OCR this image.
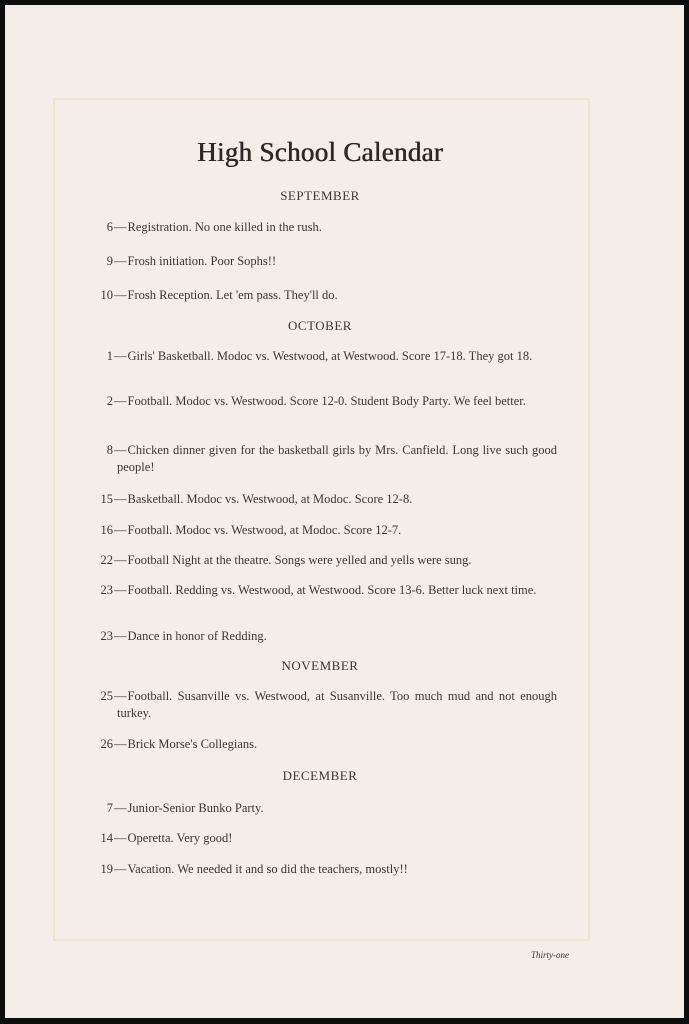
High School Calendar
SEPTEMBER
6—Registration. No one killed in the rush.
9—Frosh initiation. Poor Sophs!!
10—Frosh Reception. Let 'em pass. They'll do.
OCTOBER
1—Girls' Basketball. Modoc vs. Westwood, at Westwood. Score 17-18. They got 18.
2—Football. Modoc vs. Westwood. Score 12-0. Student Body Party. We feel better.
8—Chicken dinner given for the basketball girls by Mrs. Canfield. Long live such good people!
15—Basketball. Modoc vs. Westwood, at Modoc. Score 12-8.
16—Football. Modoc vs. Westwood, at Modoc. Score 12-7.
22—Football Night at the theatre. Songs were yelled and yells were sung.
23—Football. Redding vs. Westwood, at Westwood. Score 13-6. Better luck next time.
23—Dance in honor of Redding.
NOVEMBER
25—Football. Susanville vs. Westwood, at Susanville. Too much mud and not enough turkey.
26—Brick Morse's Collegians.
DECEMBER
7—Junior-Senior Bunko Party.
14—Operetta. Very good!
19—Vacation. We needed it and so did the teachers, mostly!!
Thirty-one
